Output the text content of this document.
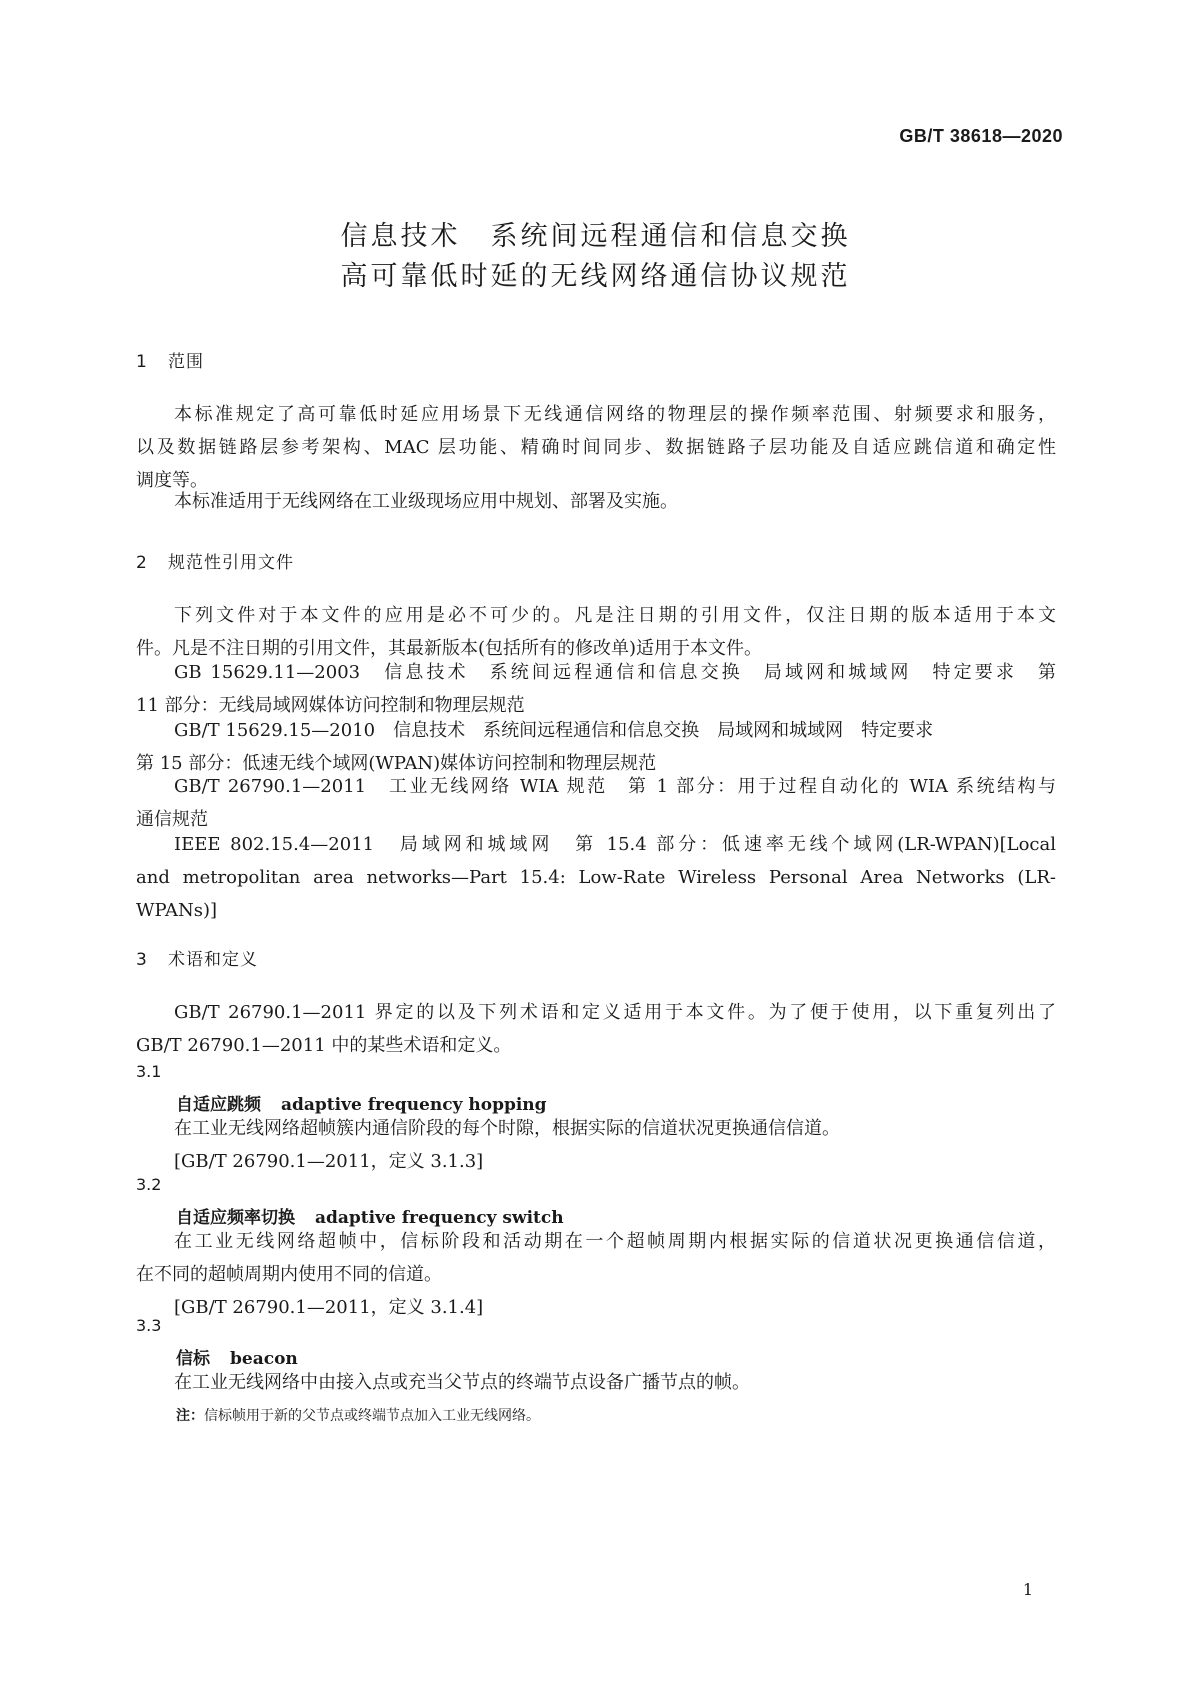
GB/T 38618—2020
信息技术　系统间远程通信和信息交换
高可靠低时延的无线网络通信协议规范
1 范围
本标准规定了高可靠低时延应用场景下无线通信网络的物理层的操作频率范围、射频要求和服务，
以及数据链路层参考架构、MAC 层功能、精确时间同步、数据链路子层功能及自适应跳信道和确定性
调度等。
本标准适用于无线网络在工业级现场应用中规划、部署及实施。
2 规范性引用文件
下列文件对于本文件的应用是必不可少的。凡是注日期的引用文件，仅注日期的版本适用于本文
件。凡是不注日期的引用文件，其最新版本(包括所有的修改单)适用于本文件。
GB 15629.11—2003　信息技术　系统间远程通信和信息交换　局域网和城域网　特定要求　第
11 部分：无线局域网媒体访问控制和物理层规范
GB/T 15629.15—2010　信息技术　系统间远程通信和信息交换　局域网和城域网　特定要求
第 15 部分：低速无线个域网(WPAN)媒体访问控制和物理层规范
GB/T 26790.1—2011　工业无线网络 WIA 规范　第 1 部分：用于过程自动化的 WIA 系统结构与
通信规范
IEEE 802.15.4—2011　局域网和城域网　第 15.4 部分：低速率无线个域网(LR-WPAN)[Local
and metropolitan area networks—Part 15.4: Low-Rate Wireless Personal Area Networks (LR-
WPANs)]
3 术语和定义
GB/T 26790.1—2011 界定的以及下列术语和定义适用于本文件。为了便于使用，以下重复列出了
GB/T 26790.1—2011 中的某些术语和定义。
3.1
自适应跳频 adaptive frequency hopping
在工业无线网络超帧簇内通信阶段的每个时隙，根据实际的信道状况更换通信信道。
[GB/T 26790.1—2011，定义 3.1.3]
3.2
自适应频率切换 adaptive frequency switch
在工业无线网络超帧中，信标阶段和活动期在一个超帧周期内根据实际的信道状况更换通信信道，
在不同的超帧周期内使用不同的信道。
[GB/T 26790.1—2011，定义 3.1.4]
3.3
信标 beacon
在工业无线网络中由接入点或充当父节点的终端节点设备广播节点的帧。
注：信标帧用于新的父节点或终端节点加入工业无线网络。
1
